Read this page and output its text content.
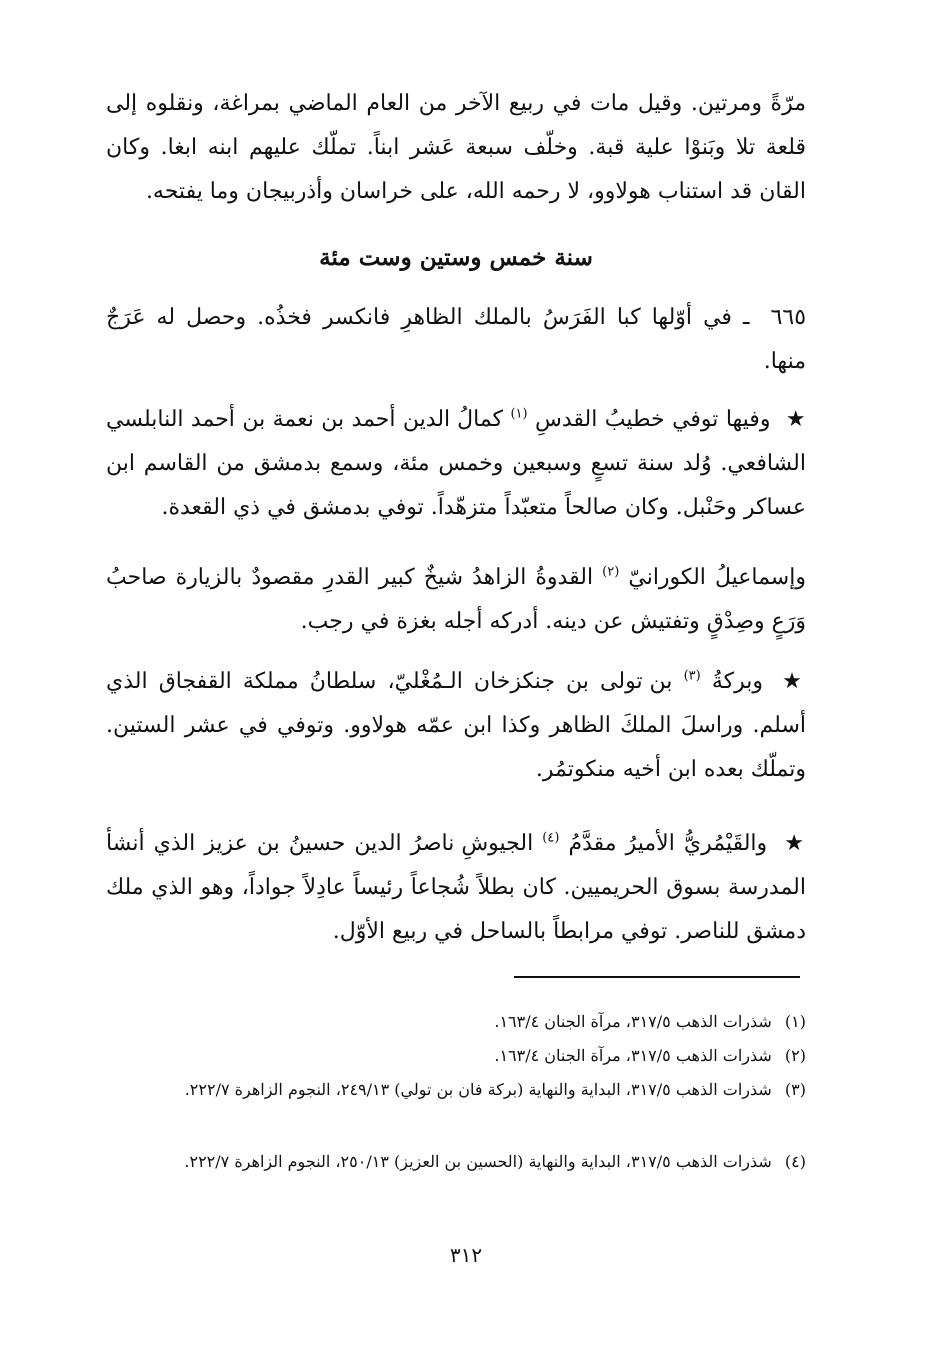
مرّةً ومرتين. وقيل مات في ربيع الآخر من العام الماضي بمراغة، ونقلوه إلى قلعة تلا وبَنوْا علية قبة. وخلّف سبعة عَشر ابناً. تملّك عليهم ابنه ابغا. وكان القان قد استناب هولاوو، لا رحمه الله، على خراسان وأذربيجان وما يفتحه.

سنة خمس وستين وست مئة

٦٦٥ ـ في أوّلها كبا الفَرَسُ بالملك الظاهرِ فانكسر فخذُه. وحصل له عَرَجٌ منها.

★ وفيها توفي خطيبُ القدسِ $^{(١)}$ كمالُ الدين أحمد بن نعمة بن أحمد النابلسي الشافعي. وُلد سنة تسعٍ وسبعين وخمس مئة، وسمع بدمشق من القاسم ابن عساكر وحَنْبل. وكان صالحاً متعبّداً متزهّداً. توفي بدمشق في ذي القعدة.

وإسماعيلُ الكورانيّ $^{(٢)}$ القدوةُ الزاهدُ شيخٌ كبير القدرِ مقصودٌ بالزيارة صاحبُ وَرَعٍ وصِدْقٍ وتفتيش عن دينه. أدركه أجله بغزة في رجب.

★ وبركةُ $^{(٣)}$ بن تولى بن جنكزخان الـمُغْليّ، سلطانُ مملكة القفجاق الذي أسلم. وراسلَ الملكَ الظاهر وكذا ابن عمّه هولاوو. وتوفي في عشر الستين. وتملّك بعده ابن أخيه منكوتمُر.

★ والقَيْمُريُّ الأميرُ مقدَّمُ $^{(٤)}$ الجيوشِ ناصرُ الدين حسينُ بن عزيز الذي أنشأ المدرسة بسوق الحريميين. كان بطلاً شُجاعاً رئيساً عادِلاً جواداً، وهو الذي ملك دمشق للناصر. توفي مرابطاً بالساحل في ربيع الأوّل.

(١) شذرات الذهب ٣١٧/٥، مرآة الجنان ١٦٣/٤.

(٢) شذرات الذهب ٣١٧/٥، مرآة الجنان ١٦٣/٤.

(٣) شذرات الذهب ٣١٧/٥، البداية والنهاية (بركة فان بن تولي) ٢٤٩/١٣، النجوم الزاهرة ٢٢٢/٧.

(٤) شذرات الذهب ٣١٧/٥، البداية والنهاية (الحسين بن العزيز) ٢٥٠/١٣، النجوم الزاهرة ٢٢٢/٧.

٣١٢
